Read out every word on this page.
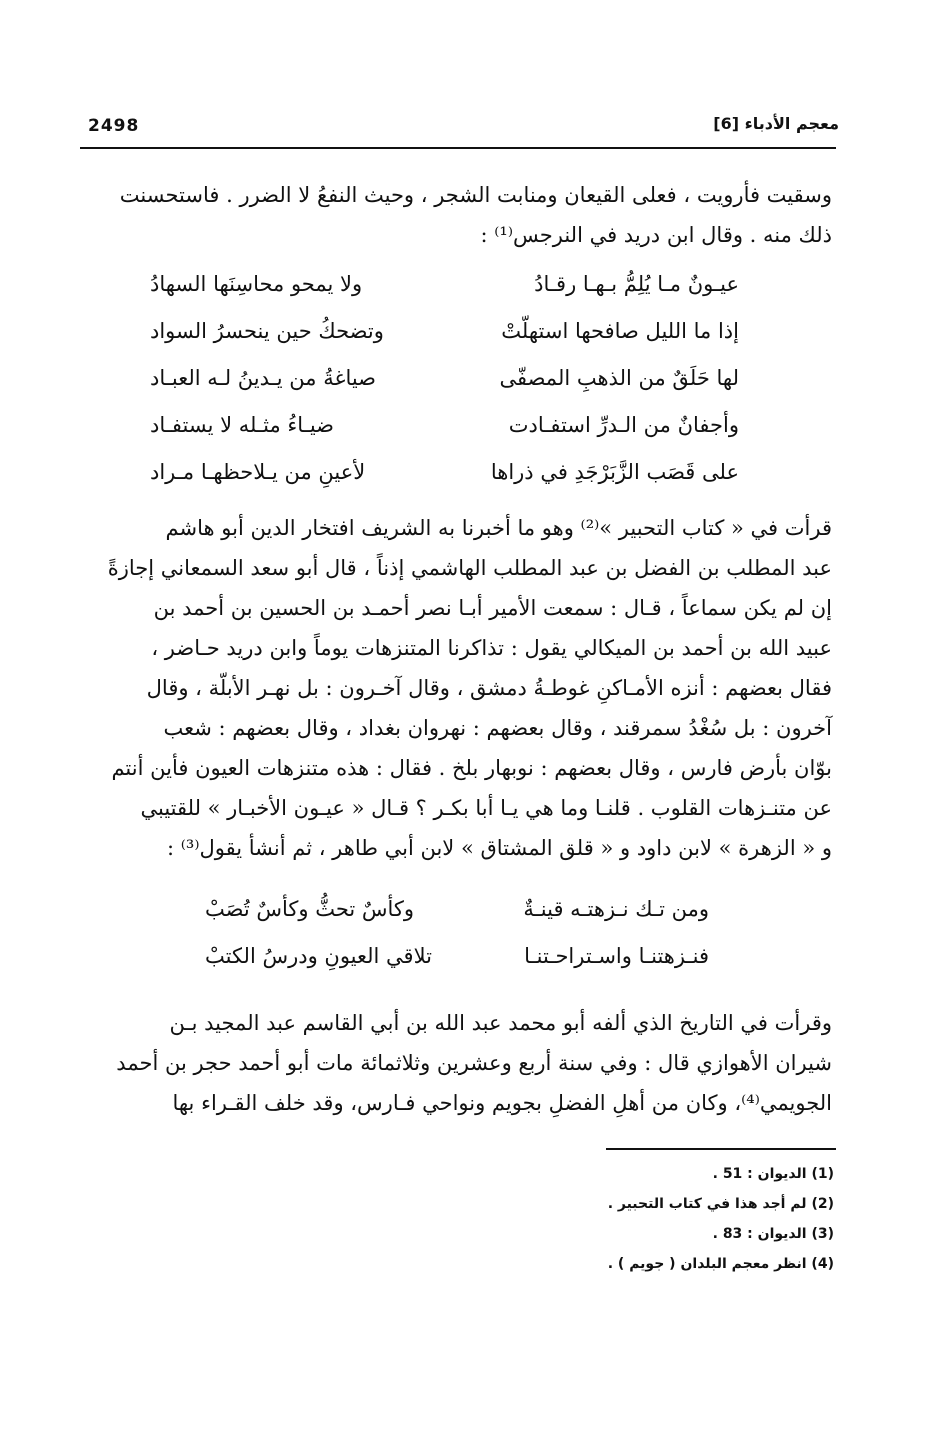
2498	معجم الأدباء [6]

وسقيت فأرويت ، فعلى القيعان ومنابت الشجر ، وحيث النفعُ لا الضرر . فاستحسنت

ذلك منه . وقال ابن دريد في النرجس⁽¹⁾ :

عيـونٌ مـا يُلِمُّ بـهـا رقـادُ
ولا يمحو محاسِنَها السهادُ
إذا ما الليل صافحها استهلّتْ
وتضحكُ حين ينحسرُ السواد
لها حَلَقٌ من الذهبِ المصفّى
صياغةُ من يـدينُ لـه العبـاد
وأجفانٌ من الـدرِّ استفـادت
ضيـاءُ مثـله لا يستفـاد
على قَصَب الزَّبَرْجَدِ في ذراها
لأعينِ من يـلاحظهـا مـراد

قرأت في « كتاب التحبير »⁽²⁾ وهو ما أخبرنا به الشريف افتخار الدين أبو هاشم

عبد المطلب بن الفضل بن عبد المطلب الهاشمي إذناً ، قال أبو سعد السمعاني إجازةً

إن لم يكن سماعاً ، قـال : سمعت الأمير أبـا نصر أحمـد بن الحسين بن أحمد بن

عبيد الله بن أحمد بن الميكالي يقول : تذاكرنا المتنزهات يوماً وابن دريد حـاضر ،

فقال بعضهم : أنزه الأمـاكنِ غوطـةُ دمشق ، وقال آخـرون : بل نهـر الأبلّة ، وقال

آخرون : بل سُغْدُ سمرقند ، وقال بعضهم : نهروان بغداد ، وقال بعضهم : شعب

بوّان بأرض فارس ، وقال بعضهم : نوبهار بلخ . فقال : هذه متنزهات العيون فأين أنتم

عن متنـزهات القلوب . قلنـا وما هي يـا أبا بكـر ؟ قـال « عيـون الأخبـار » للقتيبي

و « الزهرة » لابن داود و « قلق المشتاق » لابن أبي طاهر ، ثم أنشأ يقول⁽³⁾ :

ومن تـك نـزهتـه قينـةٌ
وكأسٌ تحثُّ وكأسٌ تُصَبْ
فنـزهتنـا واسـتراحـتنـا
تلاقي العيونِ ودرسُ الكتبْ

وقرأت في التاريخ الذي ألفه أبو محمد عبد الله بن أبي القاسم عبد المجيد بـن

شيران الأهوازي قال : وفي سنة أربع وعشرين وثلاثمائة مات أبو أحمد حجر بن أحمد

الجويمي⁽⁴⁾، وكان من أهلِ الفضلِ بجويم ونواحي فـارس، وقد خلف القـراء بها

(1) الديوان : 51 .
(2) لم أجد هذا في كتاب التحبير .
(3) الديوان : 83 .
(4) انظر معجم البلدان ( جويم ) .
